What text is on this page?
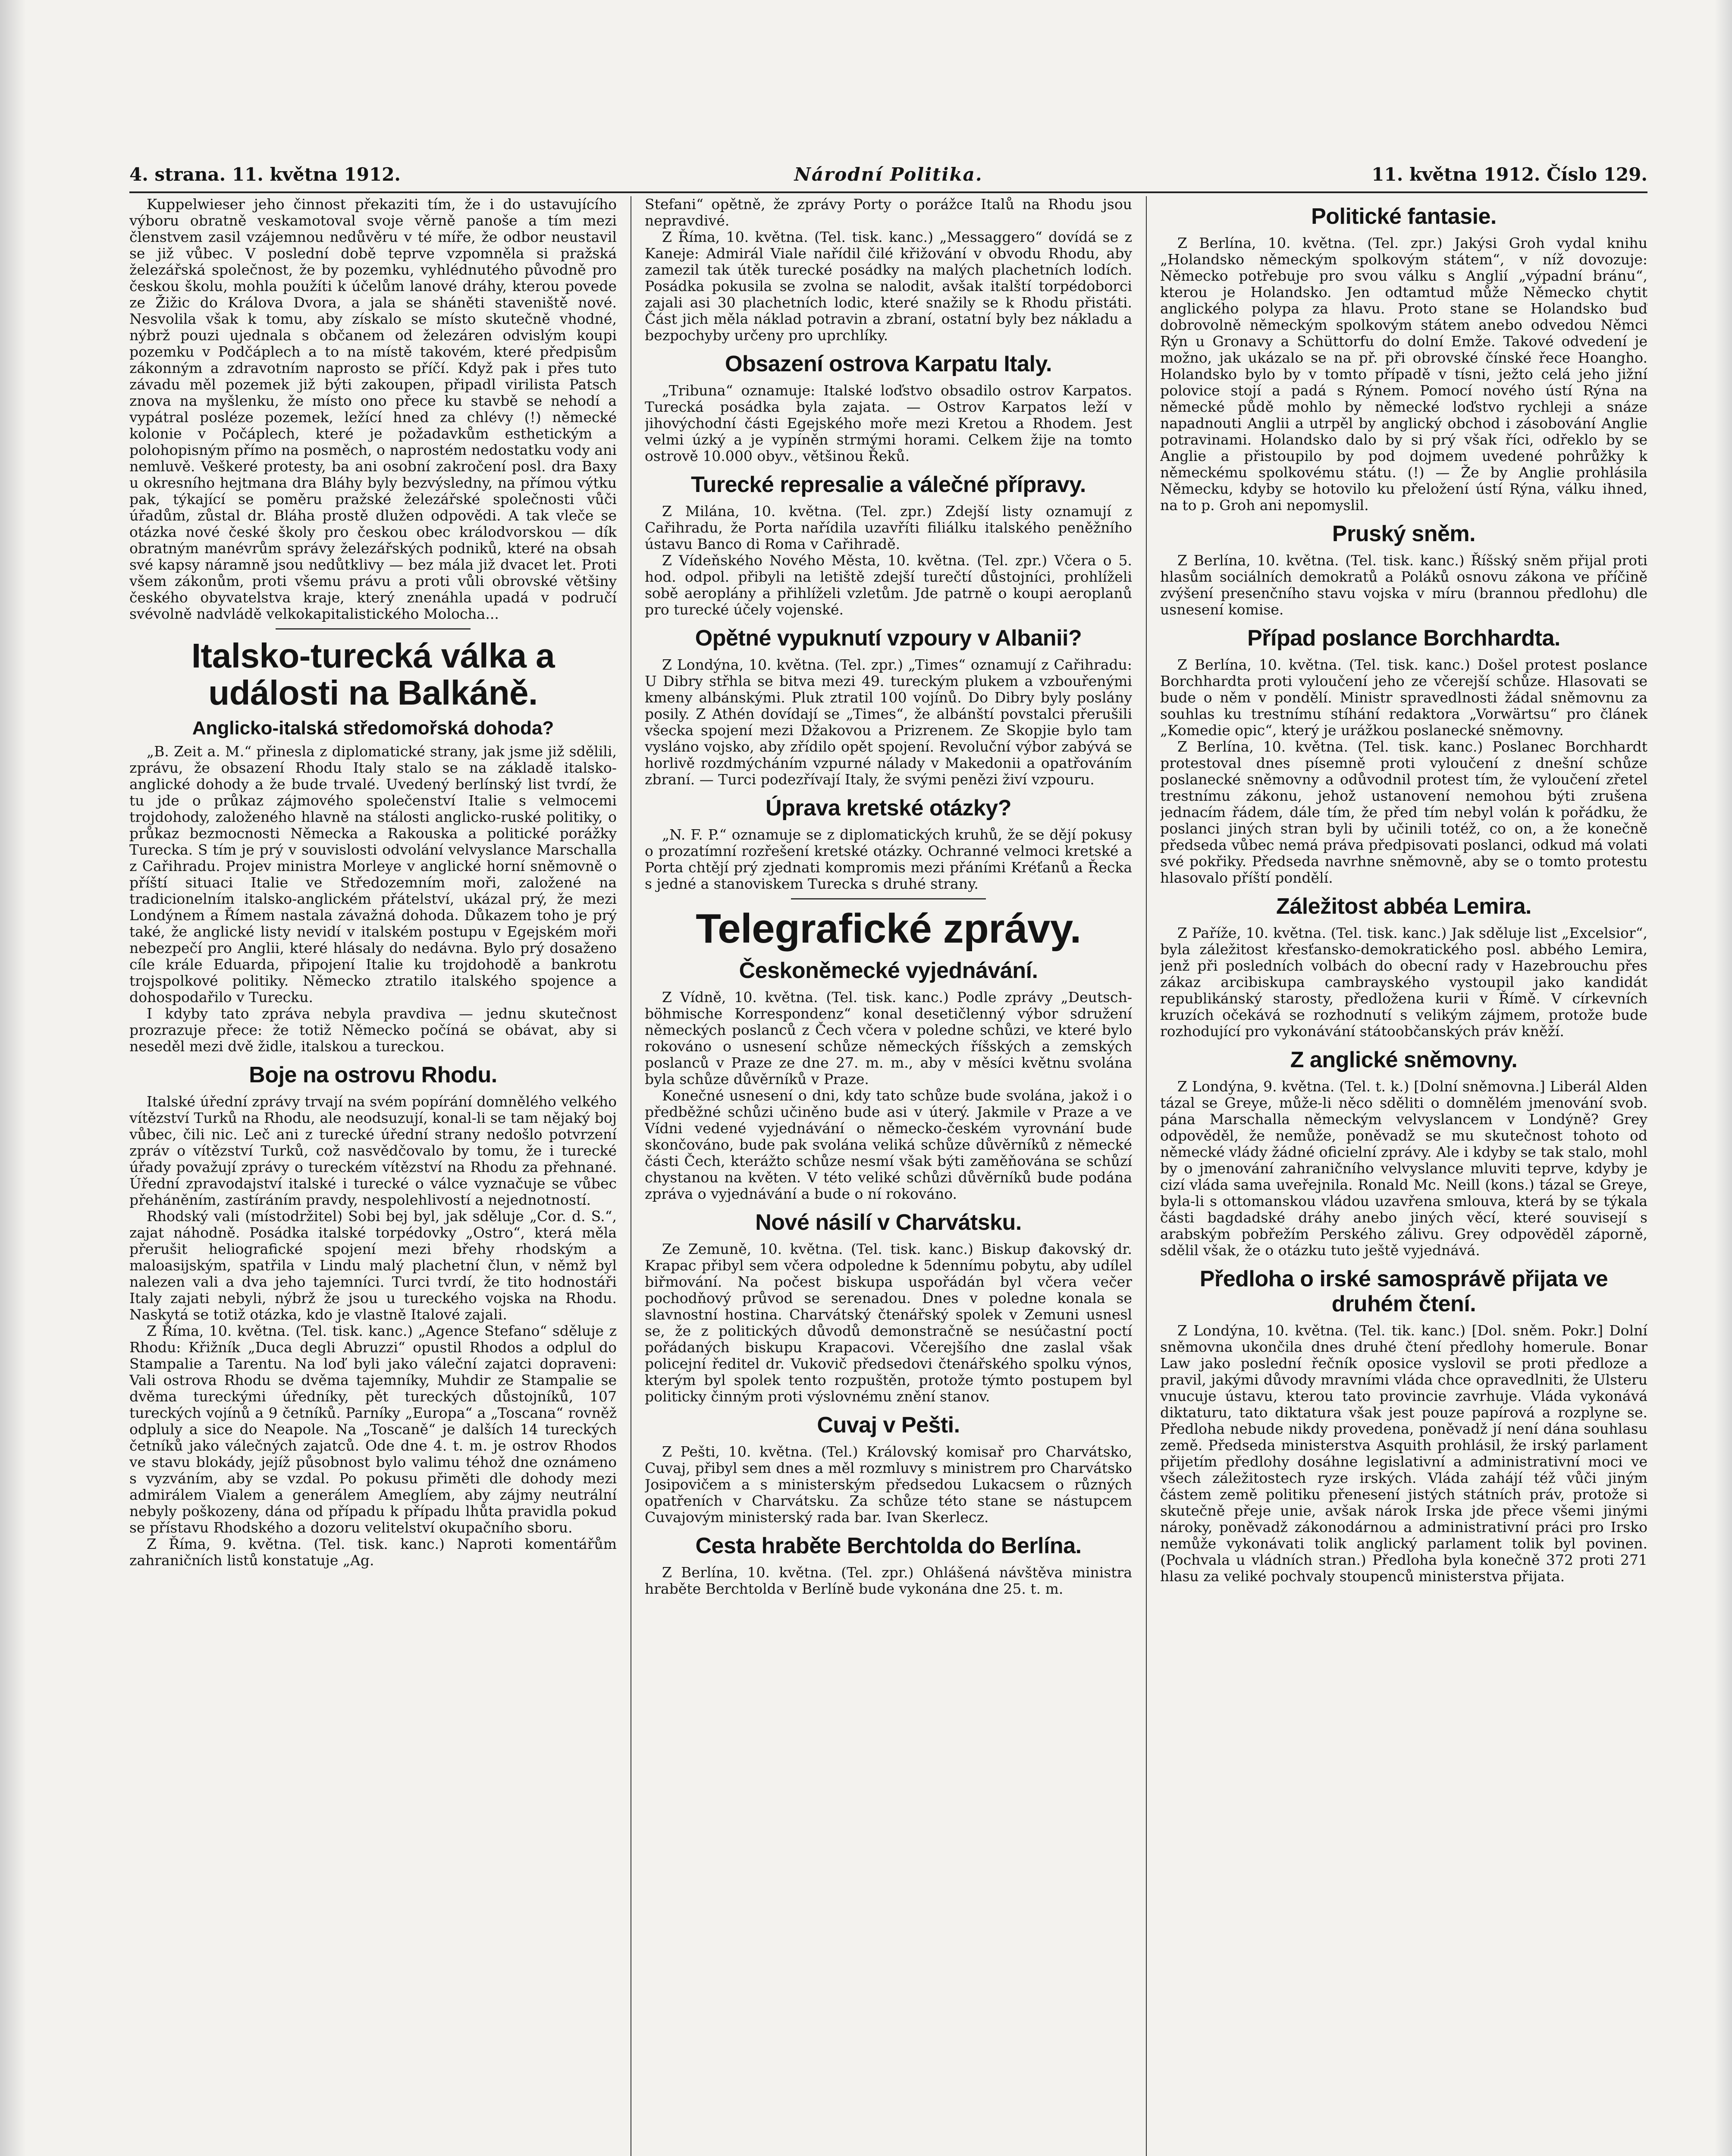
4. strana. 11. května 1912.	Národní Politika.	11. května 1912. Číslo 129.

Kuppelwieser jeho činnost překaziti tím, že i do ustavujícího výboru obratně veskamotoval svoje věrně panoše a tím mezi členstvem zasil vzájemnou nedůvěru v té míře, že odbor neustavil se již vůbec. V poslední době teprve vzpomněla si pražská železářská společnost, že by pozemku, vyhlédnutého původně pro českou školu, mohla použíti k účelům lanové dráhy, kterou povede ze Žižic do Králova Dvora, a jala se sháněti staveniště nové. Nesvolila však k tomu, aby získalo se místo skutečně vhodné, nýbrž pouzi ujednala s občanem od železáren odvislým koupi pozemku v Podčáplech a to na místě takovém, které předpisům zákonným a zdravotním naprosto se příčí. Když pak i přes tuto závadu měl pozemek již býti zakoupen, připadl virilista Patsch znova na myšlenku, že místo ono přece ku stavbě se nehodí a vypátral posléze pozemek, ležící hned za chlévy (!) německé kolonie v Počáplech, které je požadavkům esthetickým a polohopisným přímo na posměch, o naprostém nedostatku vody ani nemluvě. Veškeré protesty, ba ani osobní zakročení posl. dra Baxy u okresního hejtmana dra Bláhy byly bezvýsledny, na přímou výtku pak, týkající se poměru pražské železářské společnosti vůči úřadům, zůstal dr. Bláha prostě dlužen odpovědi. A tak vleče se otázka nové české školy pro českou obec králodvorskou — dík obratným manévrům správy železářských podniků, které na obsah své kapsy náramně jsou nedůtklivy — bez mála již dvacet let. Proti všem zákonům, proti všemu právu a proti vůli obrovské většiny českého obyvatelstva kraje, který znenáhla upadá v područí svévolně nadvládě velkokapitalistického Molocha...

Italsko-turecká válka a události na Balkáně.
Anglicko-italská středomořská dohoda?

„B. Zeit a. M.“ přinesla z diplomatické strany, jak jsme již sdělili, zprávu, že obsazení Rhodu Italy stalo se na základě italsko-anglické dohody a že bude trvalé. Uvedený berlínský list tvrdí, že tu jde o průkaz zájmového společenství Italie s velmocemi trojdohody, založeného hlavně na stálosti anglicko-ruské politiky, o průkaz bezmocnosti Německa a Rakouska a politické porážky Turecka. S tím je prý v souvislosti odvolání velvyslance Marschalla z Cařihradu. Projev ministra Morleye v anglické horní sněmovně o příští situaci Italie ve Středozemním moři, založené na tradicionelním italsko-anglickém přátelství, ukázal prý, že mezi Londýnem a Římem nastala závažná dohoda. Důkazem toho je prý také, že anglické listy nevidí v italském postupu v Egejském moři nebezpečí pro Anglii, které hlásaly do nedávna. Bylo prý dosaženo cíle krále Eduarda, připojení Italie ku trojdohodě a bankrotu trojspolkové politiky. Německo ztratilo italského spojence a dohospodařilo v Turecku.

I kdyby tato zpráva nebyla pravdiva — jednu skutečnost prozrazuje přece: že totiž Německo počíná se obávat, aby si neseděl mezi dvě židle, italskou a tureckou.

Boje na ostrovu Rhodu.

Italské úřední zprávy trvají na svém popírání domnělého velkého vítězství Turků na Rhodu, ale neodsuzují, konal-li se tam nějaký boj vůbec, čili nic. Leč ani z turecké úřední strany nedošlo potvrzení zpráv o vítězství Turků, což nasvědčovalo by tomu, že i turecké úřady považují zprávy o tureckém vítězství na Rhodu za přehnané. Úřední zpravodajství italské i turecké o válce vyznačuje se vůbec přeháněním, zastíráním pravdy, nespolehlivostí a nejednotností.

Rhodský vali (místodržitel) Sobi bej byl, jak sděluje „Cor. d. S.“, zajat náhodně. Posádka italské torpédovky „Ostro“, která měla přerušit heliografické spojení mezi břehy rhodským a maloasijským, spatřila v Lindu malý plachetní člun, v němž byl nalezen vali a dva jeho tajemníci. Turci tvrdí, že tito hodnostáři Italy zajati nebyli, nýbrž že jsou u tureckého vojska na Rhodu. Naskytá se totiž otázka, kdo je vlastně Italové zajali.

Z Říma, 10. května. (Tel. tisk. kanc.) „Agence Stefano“ sděluje z Rhodu: Křižník „Duca degli Abruzzi“ opustil Rhodos a odplul do Stampalie a Tarentu. Na loď byli jako váleční zajatci dopraveni: Vali ostrova Rhodu se dvěma tajemníky, Muhdir ze Stampalie se dvěma tureckými úředníky, pět tureckých důstojníků, 107 tureckých vojínů a 9 četníků. Parníky „Europa“ a „Toscana“ rovněž odpluly a sice do Neapole. Na „Toscaně“ je dalších 14 tureckých četníků jako válečných zajatců. Ode dne 4. t. m. je ostrov Rhodos ve stavu blokády, jejíž působnost bylo valimu téhož dne oznámeno s vyzváním, aby se vzdal. Po pokusu přiměti dle dohody mezi admirálem Vialem a generálem Ameglíem, aby zájmy neutrální nebyly poškozeny, dána od případu k případu lhůta pravidla pokud se přístavu Rhodského a dozoru velitelství okupačního sboru.

Z Říma, 9. května. (Tel. tisk. kanc.) Naproti komentářům zahraničních listů konstatuje „Ag.

Stefani“ opětně, že zprávy Porty o porážce Italů na Rhodu jsou nepravdivé.

Z Říma, 10. května. (Tel. tisk. kanc.) „Messaggero“ dovídá se z Kaneje: Admirál Viale nařídil čilé křižování v obvodu Rhodu, aby zamezil tak útěk turecké posádky na malých plachetních lodích. Posádka pokusila se zvolna se nalodit, avšak italští torpédoborci zajali asi 30 plachetních lodic, které snažily se k Rhodu přistáti. Část jich měla náklad potravin a zbraní, ostatní byly bez nákladu a bezpochyby určeny pro uprchlíky.

Obsazení ostrova Karpatu Italy.

„Tribuna“ oznamuje: Italské loďstvo obsadilo ostrov Karpatos. Turecká posádka byla zajata. — Ostrov Karpatos leží v jihovýchodní části Egejského moře mezi Kretou a Rhodem. Jest velmi úzký a je vypíněn strmými horami. Celkem žije na tomto ostrově 10.000 obyv., většinou Řeků.

Turecké represalie a válečné přípravy.

Z Milána, 10. května. (Tel. zpr.) Zdejší listy oznamují z Cařihradu, že Porta nařídila uzavříti filiálku italského peněžního ústavu Banco di Roma v Cařihradě.

Z Vídeňského Nového Města, 10. května. (Tel. zpr.) Včera o 5. hod. odpol. přibyli na letiště zdejší turečtí důstojníci, prohlíželi sobě aeroplány a přihlíželi vzletům. Jde patrně o koupi aeroplanů pro turecké účely vojenské.

Opětné vypuknutí vzpoury v Albanii?

Z Londýna, 10. května. (Tel. zpr.) „Times“ oznamují z Cařihradu: U Dibry střhla se bitva mezi 49. tureckým plukem a vzbouřenými kmeny albánskými. Pluk ztratil 100 vojínů. Do Dibry byly poslány posily. Z Athén dovídají se „Times“, že albánští povstalci přerušili všecka spojení mezi Džakovou a Prizrenem. Ze Skopjie bylo tam vysláno vojsko, aby zřídilo opět spojení. Revoluční výbor zabývá se horlivě rozdmýcháním vzpurné nálady v Makedonii a opatřováním zbraní. — Turci podezřívají Italy, že svými penězi živí vzpouru.

Úprava kretské otázky?

„N. F. P.“ oznamuje se z diplomatických kruhů, že se dějí pokusy o prozatímní rozřešení kretské otázky. Ochranné velmoci kretské a Porta chtějí prý zjednati kompromis mezi přáními Kréťanů a Řecka s jedné a stanoviskem Turecka s druhé strany.

Telegrafické zprávy.
Českoněmecké vyjednávání.

Z Vídně, 10. května. (Tel. tisk. kanc.) Podle zprávy „Deutsch-böhmische Korrespondenz“ konal desetičlenný výbor sdružení německých poslanců z Čech včera v poledne schůzi, ve které bylo rokováno o usnesení schůze německých říšských a zemských poslanců v Praze ze dne 27. m. m., aby v měsíci květnu svolána byla schůze důvěrníků v Praze.

Konečné usnesení o dni, kdy tato schůze bude svolána, jakož i o předběžné schůzi učiněno bude asi v úterý. Jakmile v Praze a ve Vídni vedené vyjednávání o německo-českém vyrovnání bude skončováno, bude pak svolána veliká schůze důvěrníků z německé části Čech, kterážto schůze nesmí však býti zaměňována se schůzí chystanou na květen. V této veliké schůzi důvěrníků bude podána zpráva o vyjednávání a bude o ní rokováno.

Nové násilí v Charvátsku.

Ze Zemuně, 10. května. (Tel. tisk. kanc.) Biskup đakovský dr. Krapac přibyl sem včera odpoledne k 5dennímu pobytu, aby udílel biřmování. Na počest biskupa uspořádán byl včera večer pochodňový průvod se serenadou. Dnes v poledne konala se slavnostní hostina. Charvátský čtenářský spolek v Zemuni usnesl se, že z politických důvodů demonstračně se nesúčastní poctí pořádaných biskupu Krapacovi. Včerejšího dne zaslal však policejní ředitel dr. Vukovič předsedovi čtenářského spolku výnos, kterým byl spolek tento rozpuštěn, protože týmto postupem byl politicky činným proti výslovnému znění stanov.

Cuvaj v Pešti.

Z Pešti, 10. května. (Tel.) Královský komisař pro Charvátsko, Cuvaj, přibyl sem dnes a měl rozmluvy s ministrem pro Charvátsko Josipovičem a s ministerským předsedou Lukacsem o různých opatřeních v Charvátsku. Za schůze této stane se nástupcem Cuvajovým ministerský rada bar. Ivan Skerlecz.

Cesta hraběte Berchtolda do Berlína.

Z Berlína, 10. května. (Tel. zpr.) Ohlášená návštěva ministra hraběte Berchtolda v Berlíně bude vykonána dne 25. t. m.

Politické fantasie.

Z Berlína, 10. května. (Tel. zpr.) Jakýsi Groh vydal knihu „Holandsko německým spolkovým státem“, v níž dovozuje: Německo potřebuje pro svou válku s Anglií „výpadní bránu“, kterou je Holandsko. Jen odtamtud může Německo chytit anglického polypa za hlavu. Proto stane se Holandsko buď dobrovolně německým spolkovým státem anebo odvedou Němci Rýn u Gronavy a Schüttorfu do dolní Emže. Takové odvedení je možno, jak ukázalo se na př. při obrovské čínské řece Hoangho. Holandsko bylo by v tomto případě v tísni, ježto celá jeho jižní polovice stojí a padá s Rýnem. Pomocí nového ústí Rýna na německé půdě mohlo by německé loďstvo rychleji a snáze napadnouti Anglii a utrpěl by anglický obchod i zásobování Anglie potravinami. Holandsko dalo by si prý však říci, odřeklo by se Anglie a přistoupilo by pod dojmem uvedené pohrůžky k německému spolkovému státu. (!) — Že by Anglie prohlásila Německu, kdyby se hotovilo ku přeložení ústí Rýna, válku ihned, na to p. Groh ani nepomyslil.

Pruský sněm.

Z Berlína, 10. května. (Tel. tisk. kanc.) Říšský sněm přijal proti hlasům sociálních demokratů a Poláků osnovu zákona ve příčině zvýšení presenčního stavu vojska v míru (brannou předlohu) dle usnesení komise.

Případ poslance Borchhardta.

Z Berlína, 10. května. (Tel. tisk. kanc.) Došel protest poslance Borchhardta proti vyloučení jeho ze včerejší schůze. Hlasovati se bude o něm v pondělí. Ministr spravedlnosti žádal sněmovnu za souhlas ku trestnímu stíhání redaktora „Vorwärtsu“ pro článek „Komedie opic“, který je urážkou poslanecké sněmovny.

Z Berlína, 10. května. (Tel. tisk. kanc.) Poslanec Borchhardt protestoval dnes písemně proti vyloučení z dnešní schůze poslanecké sněmovny a odůvodnil protest tím, že vyloučení zřetel trestnímu zákonu, jehož ustanovení nemohou býti zrušena jednacím řádem, dále tím, že před tím nebyl volán k pořádku, že poslanci jiných stran byli by učinili totéž, co on, a že konečně předseda vůbec nemá práva předpisovati poslanci, odkud má volati své pokřiky. Předseda navrhne sněmovně, aby se o tomto protestu hlasovalo příští pondělí.

Záležitost abbéa Lemira.

Z Paříže, 10. května. (Tel. tisk. kanc.) Jak sděluje list „Excelsior“, byla záležitost křesťansko-demokratického posl. abbého Lemira, jenž při posledních volbách do obecní rady v Hazebrouchu přes zákaz arcibiskupa cambrayského vystoupil jako kandidát republikánský starosty, předložena kurii v Římě. V církevních kruzích očekává se rozhodnutí s velikým zájmem, protože bude rozhodující pro vykonávání státoobčanských práv kněží.

Z anglické sněmovny.

Z Londýna, 9. května. (Tel. t. k.) [Dolní sněmovna.] Liberál Alden tázal se Greye, může-li něco sděliti o domnělém jmenování svob. pána Marschalla německým velvyslancem v Londýně? Grey odpověděl, že nemůže, poněvadž se mu skutečnost tohoto od německé vlády žádné oficielní zprávy. Ale i kdyby se tak stalo, mohl by o jmenování zahraničního velvyslance mluviti teprve, kdyby je cizí vláda sama uveřejnila. Ronald Mc. Neill (kons.) tázal se Greye, byla-li s ottomanskou vládou uzavřena smlouva, která by se týkala části bagdadské dráhy anebo jiných věcí, které souvisejí s arabským pobřežím Perského zálivu. Grey odpověděl záporně, sdělil však, že o otázku tuto ještě vyjednává.

Předloha o irské samosprávě přijata ve druhém čtení.

Z Londýna, 10. května. (Tel. tik. kanc.) [Dol. sněm. Pokr.] Dolní sněmovna ukončila dnes druhé čtení předlohy homerule. Bonar Law jako poslední řečník oposice vyslovil se proti předloze a pravil, jakými důvody mravními vláda chce opravedlniti, že Ulsteru vnucuje ústavu, kterou tato provincie zavrhuje. Vláda vykonává diktaturu, tato diktatura však jest pouze papírová a rozplyne se. Předloha nebude nikdy provedena, poněvadž jí není dána souhlasu země. Předseda ministerstva Asquith prohlásil, že irský parlament přijetím předlohy dosáhne legislativní a administrativní moci ve všech záležitostech ryze irských. Vláda zahájí též vůči jiným částem země politiku přenesení jistých státních práv, protože si skutečně přeje unie, avšak nárok Irska jde přece všemi jinými nároky, poněvadž zákonodárnou a administrativní práci pro Irsko nemůže vykonávati tolik anglický parlament tolik byl povinen. (Pochvala u vládních stran.) Předloha byla konečně 372 proti 271 hlasu za veliké pochvaly stoupenců ministerstva přijata.
